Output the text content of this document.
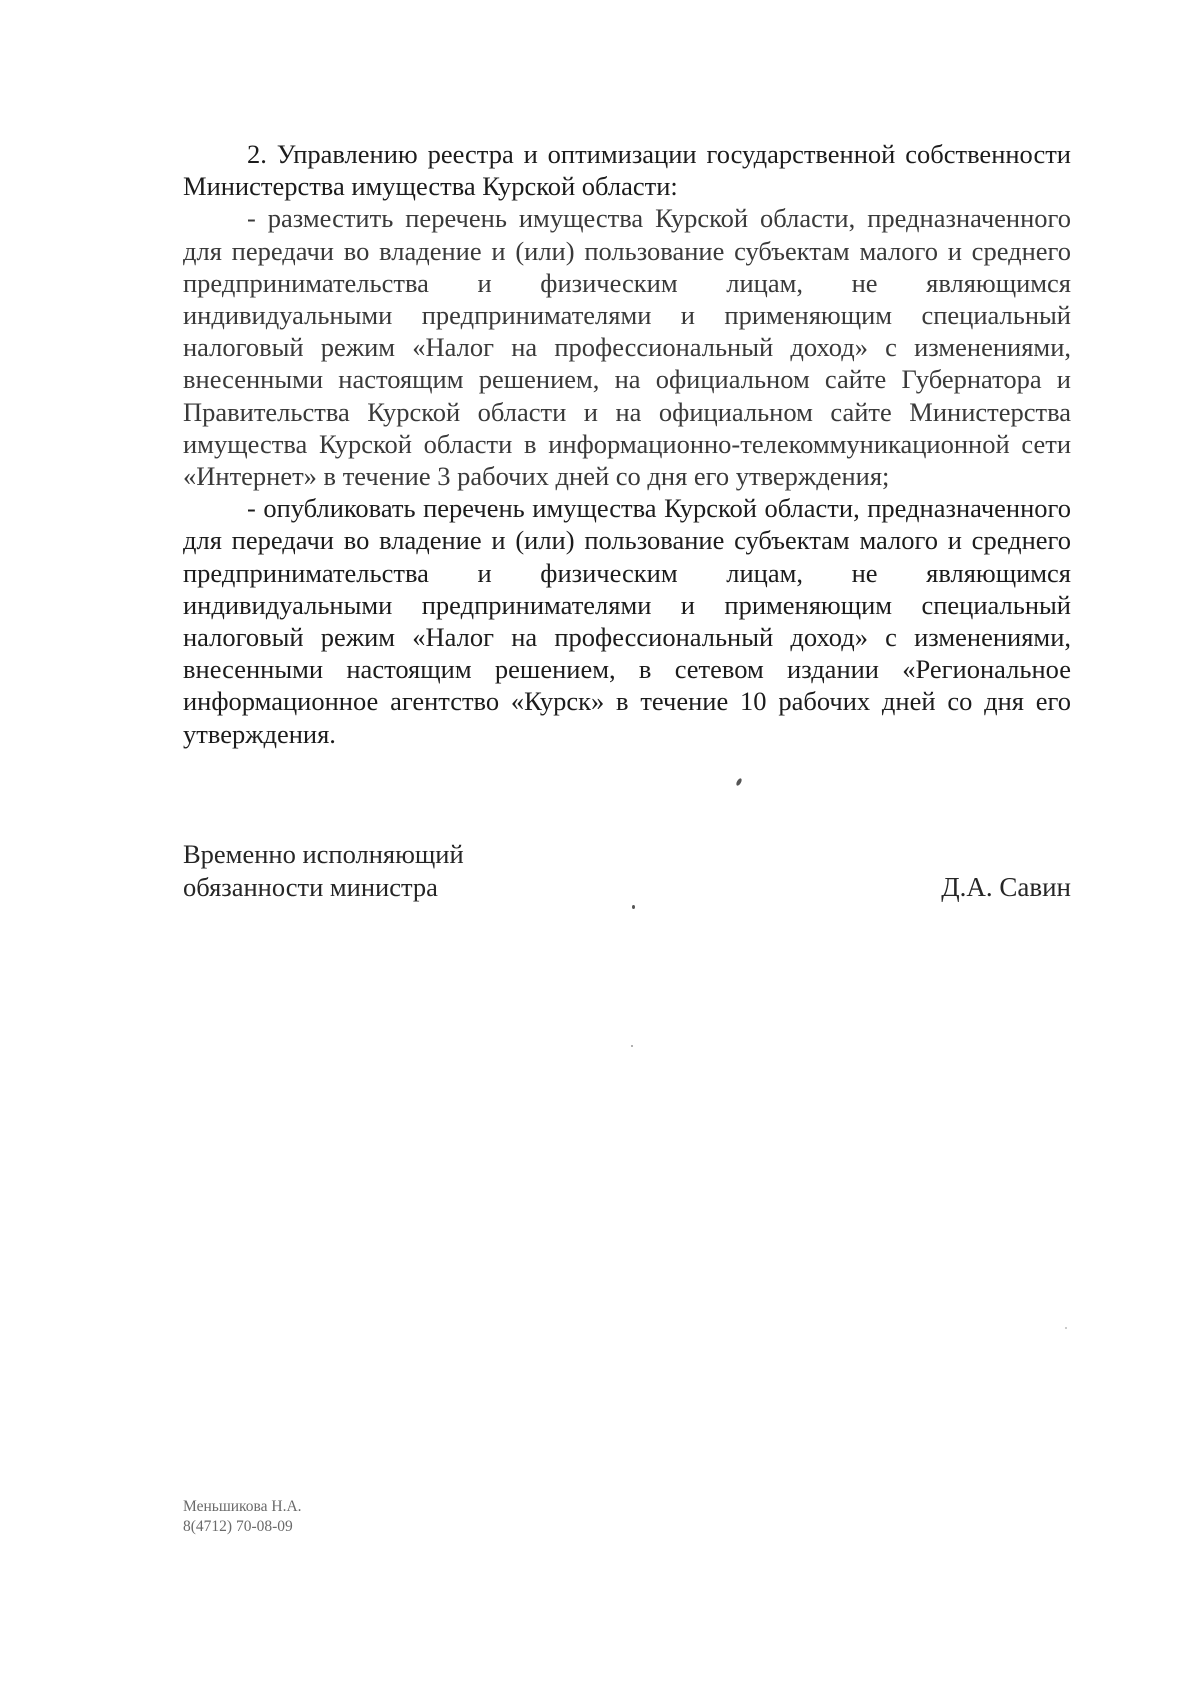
2. Управлению реестра и оптимизации государственной собственности Министерства имущества Курской области:

- разместить перечень имущества Курской области, предназначенного для передачи во владение и (или) пользование субъектам малого и среднего предпринимательства и физическим лицам, не являющимся индивидуальными предпринимателями и применяющим специальный налоговый режим «Налог на профессиональный доход» с изменениями, внесенными настоящим решением, на официальном сайте Губернатора и Правительства Курской области и на официальном сайте Министерства имущества Курской области в информационно-телекоммуникационной сети «Интернет» в течение 3 рабочих дней со дня его утверждения;

- опубликовать перечень имущества Курской области, предназначенного для передачи во владение и (или) пользование субъектам малого и среднего предпринимательства и физическим лицам, не являющимся индивидуальными предпринимателями и применяющим специальный налоговый режим «Налог на профессиональный доход» с изменениями, внесенными настоящим решением, в сетевом издании «Региональное информационное агентство «Курск» в течение 10 рабочих дней со дня его утверждения.

Временно исполняющий

обязанности министра	Д.А. Савин
Меньшикова Н.А.
8(4712) 70-08-09
